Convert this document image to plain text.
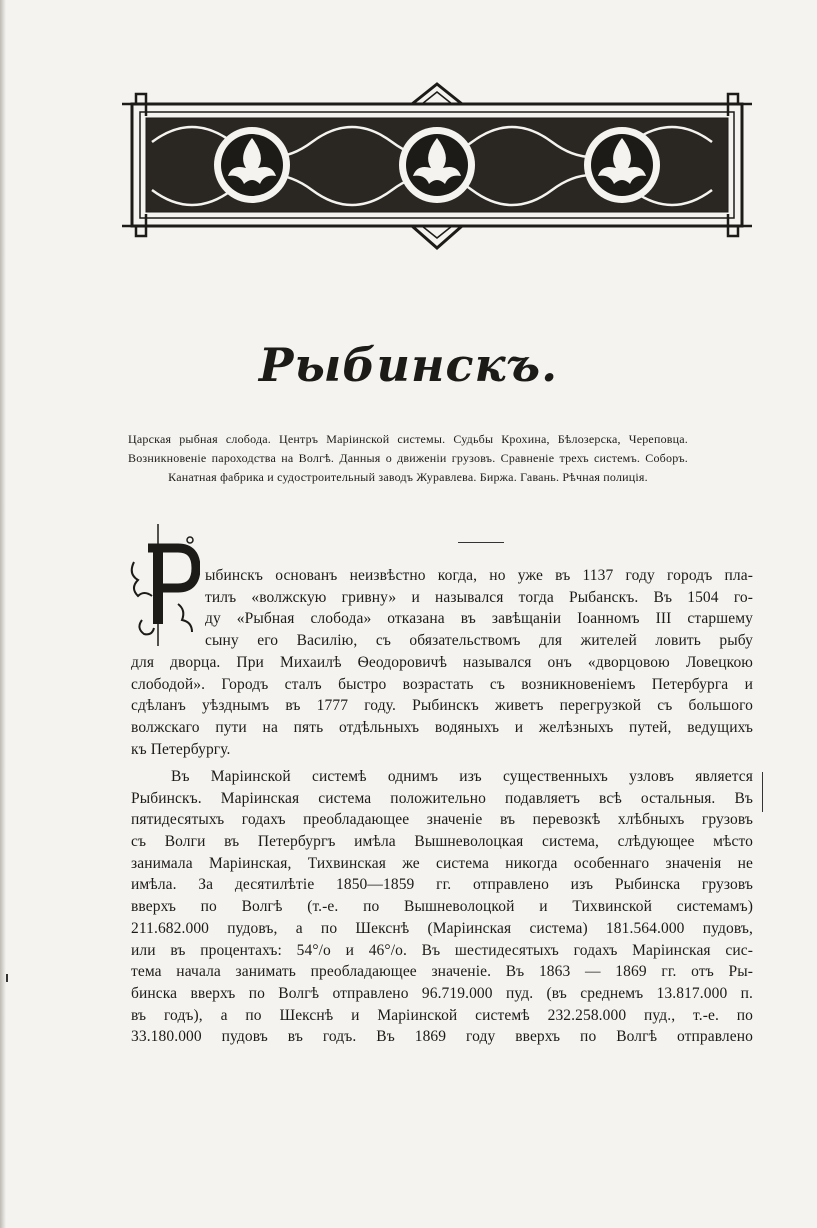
Рыбинскъ.
Царская рыбная слобода. Центръ Маріинской системы. Судьбы Крохина, Бѣлозерска, Череповца. Возникновеніе пароходства на Волгѣ. Данныя о движеніи грузовъ. Сравненіе трехъ системъ. Соборъ. Канатная фабрика и судостроительный заводъ Журавлева. Биржа. Гавань. Рѣчная полиція.
ыбинскъ основанъ неизвѣстно когда, но уже въ 1137 году городъ пла-
тилъ «волжскую гривну» и назывался тогда Рыбанскъ. Въ 1504 го-
ду «Рыбная слобода» отказана въ завѣщаніи Іоанномъ III старшему
сыну его Василію, съ обязательствомъ для жителей ловить рыбу
для дворца. При Михаилѣ Ѳеодоровичѣ назывался онъ «дворцовою Ловецкою
слободой». Городъ сталъ быстро возрастать съ возникновеніемъ Петербурга и
сдѣланъ уѣзднымъ въ 1777 году. Рыбинскъ живетъ перегрузкой съ большого
волжскаго пути на пять отдѣльныхъ водяныхъ и желѣзныхъ путей, ведущихъ
къ Петербургу.
Въ Маріинской системѣ однимъ изъ существенныхъ узловъ является
Рыбинскъ. Маріинская система положительно подавляетъ всѣ остальныя. Въ
пятидесятыхъ годахъ преобладающее значеніе въ перевозкѣ хлѣбныхъ грузовъ
съ Волги въ Петербургъ имѣла Вышневолоцкая система, слѣдующее мѣсто
занимала Маріинская, Тихвинская же система никогда особеннаго значенія не
имѣла. За десятилѣтіе 1850—1859 гг. отправлено изъ Рыбинска грузовъ
вверхъ по Волгѣ (т.-е. по Вышневолоцкой и Тихвинской системамъ)
211.682.000 пудовъ, а по Шекснѣ (Маріинская система) 181.564.000 пудовъ,
или въ процентахъ: 54°/о и 46°/о. Въ шестидесятыхъ годахъ Маріинская сис-
тема начала занимать преобладающее значеніе. Въ 1863 — 1869 гг. отъ Ры-
бинска вверхъ по Волгѣ отправлено 96.719.000 пуд. (въ среднемъ 13.817.000 п.
въ годъ), а по Шекснѣ и Маріинской системѣ 232.258.000 пуд., т.-е. по
33.180.000 пудовъ въ годъ. Въ 1869 году вверхъ по Волгѣ отправлено
